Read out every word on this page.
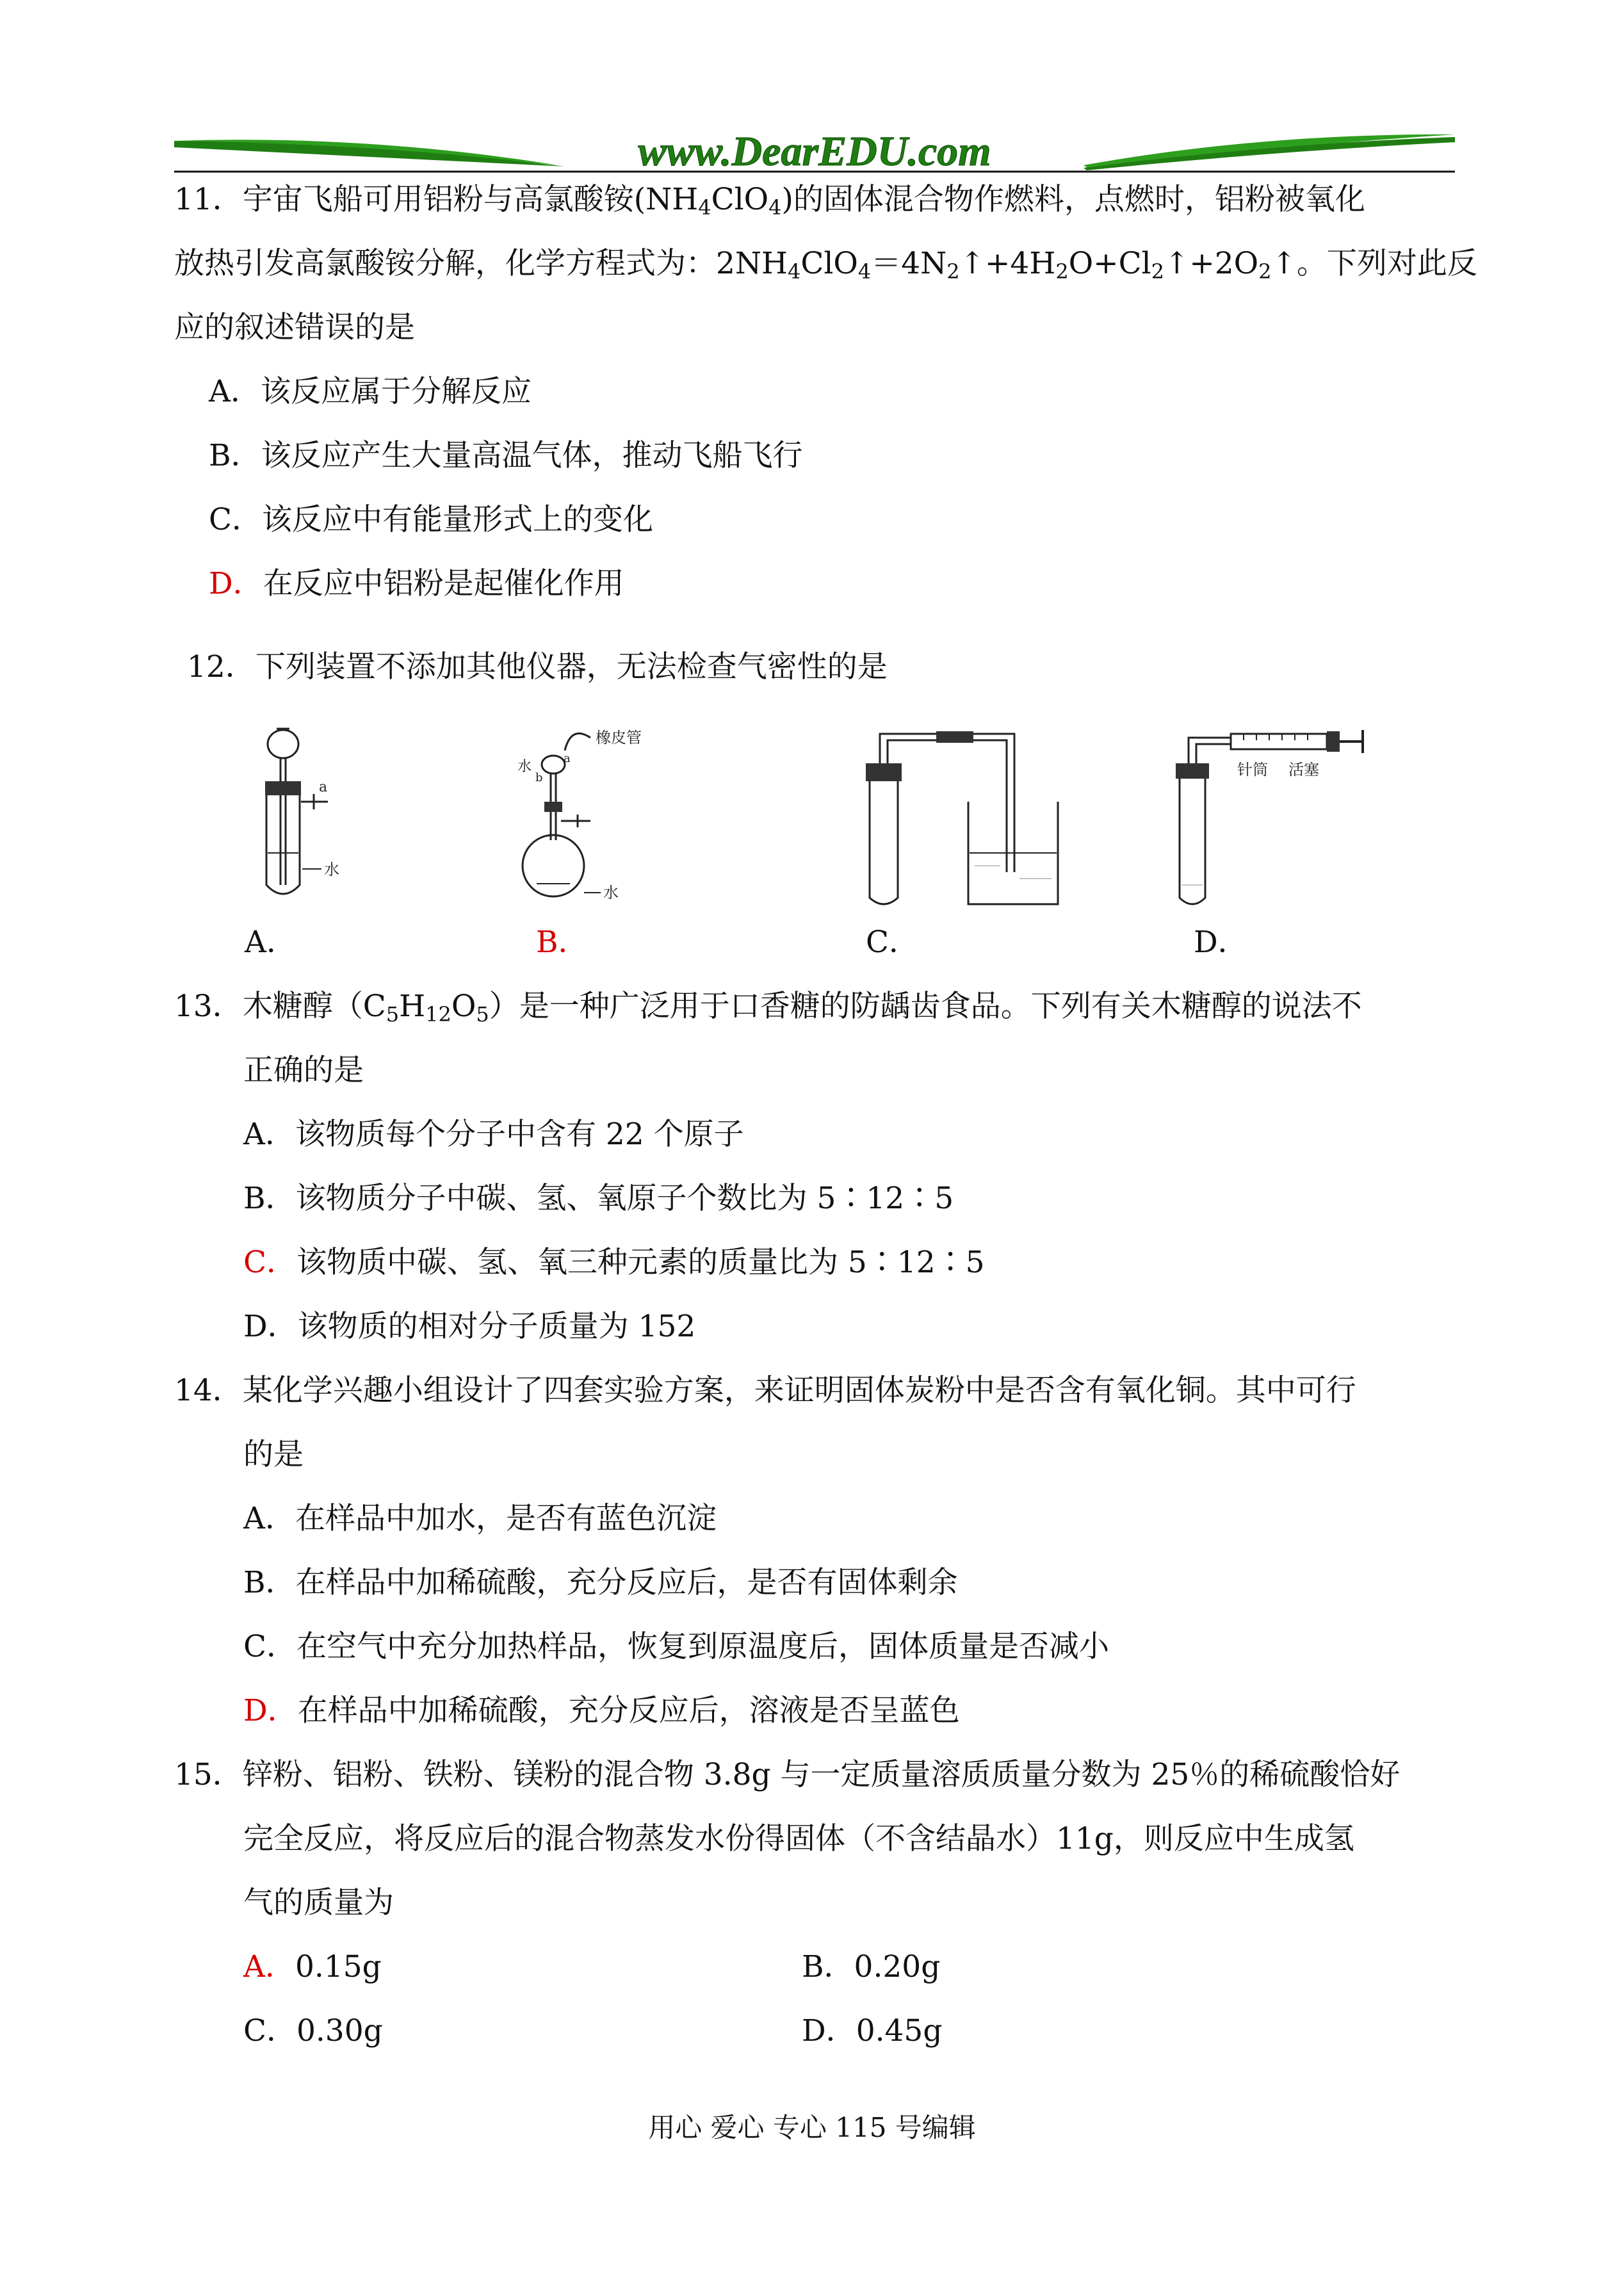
www.DearEDU.com
11．宇宙飞船可用铝粉与高氯酸铵$(NH_4ClO_4)$的固体混合物作燃料，点燃时，铝粉被氧化
放热引发高氯酸铵分解，化学方程式为：$2NH_4ClO_4=4N_2↑+4H_2O+Cl_2↑+2O_2↑$。下列对此反
应的叙述错误的是
A．该反应属于分解反应
B．该反应产生大量高温气体，推动飞船飞行
C．该反应中有能量形式上的变化
D．在反应中铝粉是起催化作用
12．下列装置不添加其他仪器，无法检查气密性的是
a
水
橡皮管
水
a
b
水
针筒 活塞
A．	B．	C．	D．
13．木糖醇$(C_5H_{12}O_5)$是一种广泛用于口香糖的防龋齿食品。下列有关木糖醇的说法不
正确的是
A．该物质每个分子中含有 22 个原子
B．该物质分子中碳、氢、氧原子个数比为 5∶12∶5
C．该物质中碳、氢、氧三种元素的质量比为 5∶12∶5
D．该物质的相对分子质量为 152
14．某化学兴趣小组设计了四套实验方案，来证明固体炭粉中是否含有氧化铜。其中可行
的是
A．在样品中加水，是否有蓝色沉淀
B．在样品中加稀硫酸，充分反应后，是否有固体剩余
C．在空气中充分加热样品，恢复到原温度后，固体质量是否减小
D．在样品中加稀硫酸，充分反应后，溶液是否呈蓝色
15．锌粉、铝粉、铁粉、镁粉的混合物 3.8g 与一定质量溶质质量分数为 25％的稀硫酸恰好
完全反应，将反应后的混合物蒸发水份得固体（不含结晶水）11g，则反应中生成氢
气的质量为
A．0.15g	B．0.20g
C．0.30g	D．0.45g
用心 爱心 专心 115 号编辑
